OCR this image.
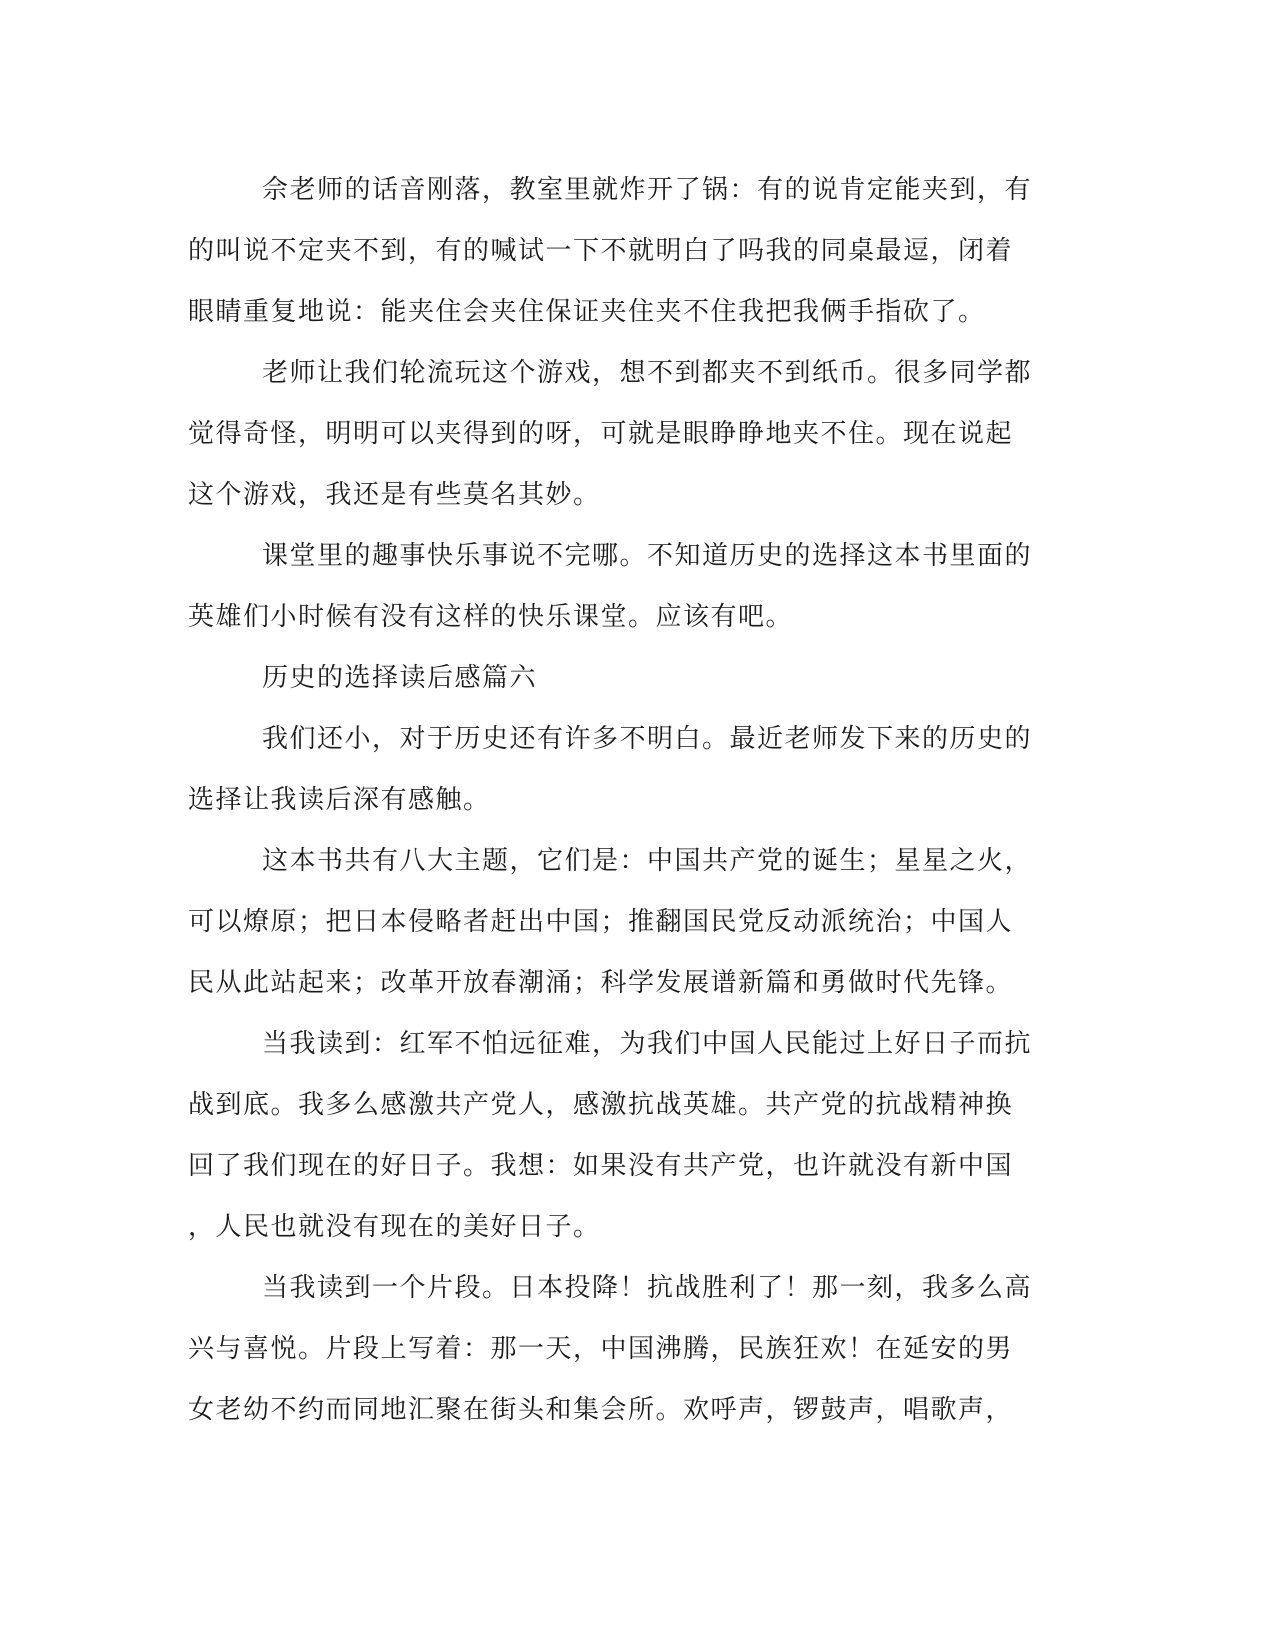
佘老师的话音刚落，教室里就炸开了锅：有的说肯定能夹到，有
的叫说不定夹不到，有的喊试一下不就明白了吗我的同桌最逗，闭着
眼睛重复地说：能夹住会夹住保证夹住夹不住我把我俩手指砍了。
老师让我们轮流玩这个游戏，想不到都夹不到纸币。很多同学都
觉得奇怪，明明可以夹得到的呀，可就是眼睁睁地夹不住。现在说起
这个游戏，我还是有些莫名其妙。
课堂里的趣事快乐事说不完哪。不知道历史的选择这本书里面的
英雄们小时候有没有这样的快乐课堂。应该有吧。
历史的选择读后感篇六
我们还小，对于历史还有许多不明白。最近老师发下来的历史的
选择让我读后深有感触。
这本书共有八大主题，它们是：中国共产党的诞生；星星之火，
可以燎原；把日本侵略者赶出中国；推翻国民党反动派统治；中国人
民从此站起来；改革开放春潮涌；科学发展谱新篇和勇做时代先锋。
当我读到：红军不怕远征难，为我们中国人民能过上好日子而抗
战到底。我多么感激共产党人，感激抗战英雄。共产党的抗战精神换
回了我们现在的好日子。我想：如果没有共产党，也许就没有新中国
，人民也就没有现在的美好日子。
当我读到一个片段。日本投降！抗战胜利了！那一刻，我多么高
兴与喜悦。片段上写着：那一天，中国沸腾，民族狂欢！在延安的男
女老幼不约而同地汇聚在街头和集会所。欢呼声，锣鼓声，唱歌声，
